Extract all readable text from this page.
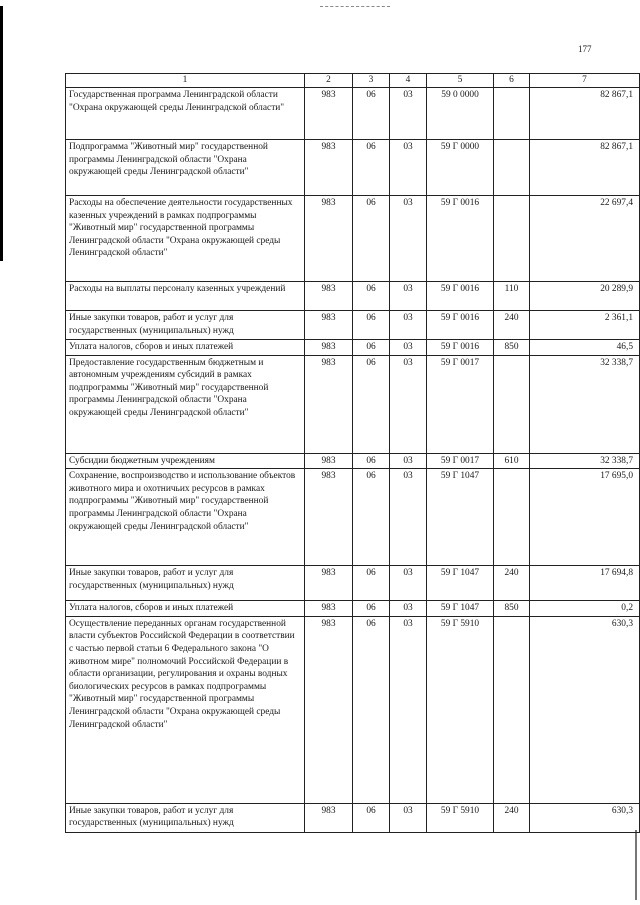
177
1	2	3	4	5	6	7
Государственная программа Ленинградской области "Охрана окружающей среды Ленинградской области"	983	06	03	59 0 0000		82 867,1
Подпрограмма "Животный мир" государственной программы Ленинградской области "Охрана окружающей среды Ленинградской области"	983	06	03	59 Г 0000		82 867,1
Расходы на обеспечение деятельности государственных казенных учреждений в рамках подпрограммы "Животный мир" государственной программы Ленинградской области "Охрана окружающей среды Ленинградской области"	983	06	03	59 Г 0016		22 697,4
Расходы на выплаты персоналу казенных учреждений	983	06	03	59 Г 0016	110	20 289,9
Иные закупки товаров, работ и услуг для государственных (муниципальных) нужд	983	06	03	59 Г 0016	240	2 361,1
Уплата налогов, сборов и иных платежей	983	06	03	59 Г 0016	850	46,5
Предоставление государственным бюджетным и автономным учреждениям субсидий в рамках подпрограммы "Животный мир" государственной программы Ленинградской области "Охрана окружающей среды Ленинградской области"	983	06	03	59 Г 0017		32 338,7
Субсидии бюджетным учреждениям	983	06	03	59 Г 0017	610	32 338,7
Сохранение, воспроизводство и использование объектов животного мира и охотничьих ресурсов в рамках подпрограммы "Животный мир" государственной программы Ленинградской области "Охрана окружающей среды Ленинградской области"	983	06	03	59 Г 1047		17 695,0
Иные закупки товаров, работ и услуг для государственных (муниципальных) нужд	983	06	03	59 Г 1047	240	17 694,8
Уплата налогов, сборов и иных платежей	983	06	03	59 Г 1047	850	0,2
Осуществление переданных органам государственной власти субъектов Российской Федерации в соответствии с частью первой статьи 6 Федерального закона "О животном мире" полномочий Российской Федерации в области организации, регулирования и охраны водных биологических ресурсов в рамках подпрограммы "Животный мир" государственной программы Ленинградской области "Охрана окружающей среды Ленинградской области"	983	06	03	59 Г 5910		630,3
Иные закупки товаров, работ и услуг для государственных (муниципальных) нужд	983	06	03	59 Г 5910	240	630,3
